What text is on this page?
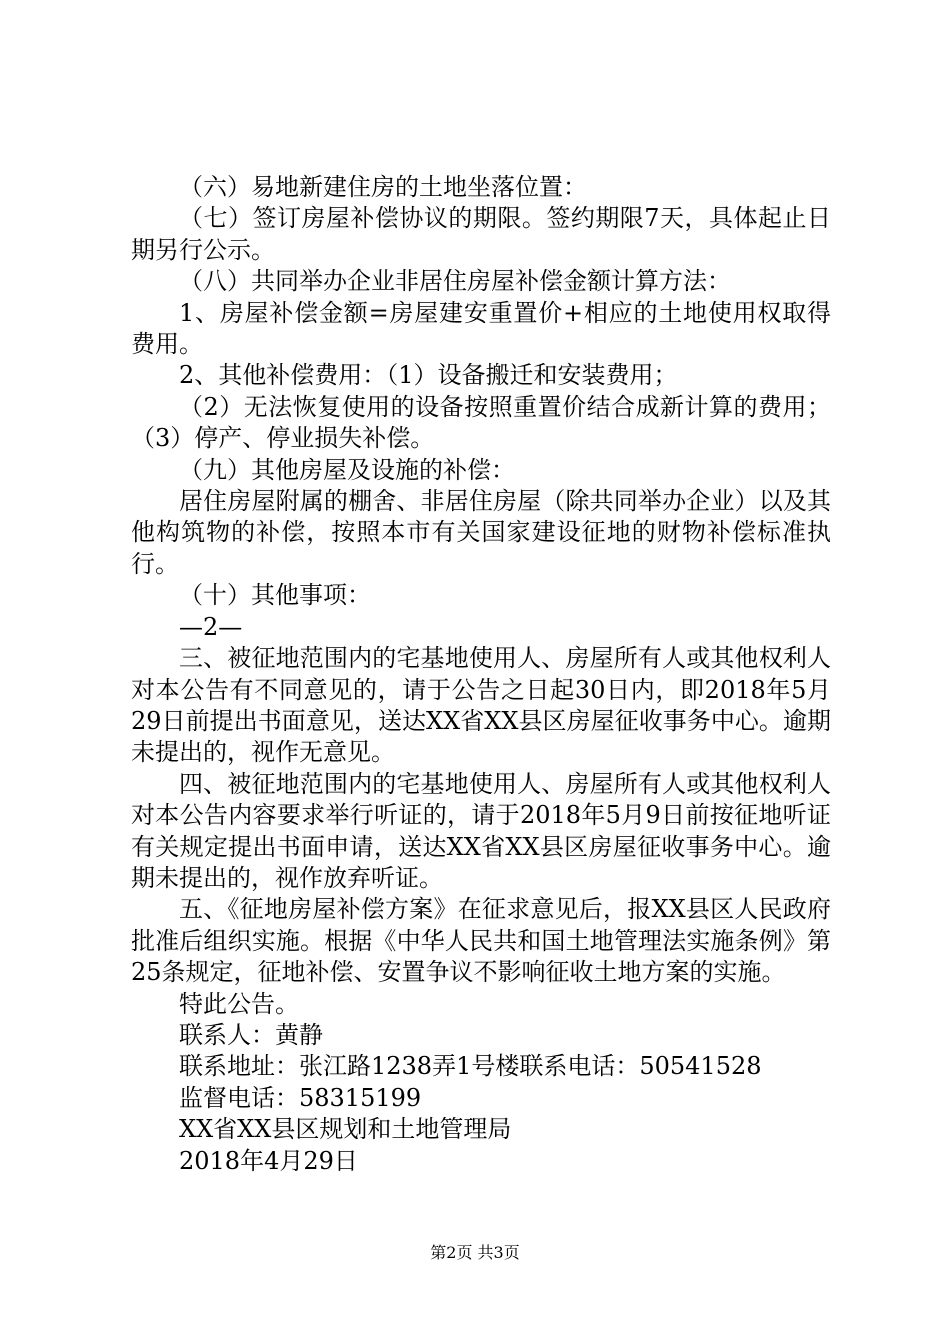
（六）易地新建住房的土地坐落位置：

（七）签订房屋补偿协议的期限。签约期限7天，具体起止日期另行公示。

（八）共同举办企业非居住房屋补偿金额计算方法：

1、房屋补偿金额=房屋建安重置价+相应的土地使用权取得费用。

2、其他补偿费用：（1）设备搬迁和安装费用；

（2）无法恢复使用的设备按照重置价结合成新计算的费用；（3）停产、停业损失补偿。

（九）其他房屋及设施的补偿：

居住房屋附属的棚舍、非居住房屋（除共同举办企业）以及其他构筑物的补偿，按照本市有关国家建设征地的财物补偿标准执行。

（十）其他事项：

—2—

三、被征地范围内的宅基地使用人、房屋所有人或其他权利人对本公告有不同意见的，请于公告之日起30日内，即2018年5月29日前提出书面意见，送达XX省XX县区房屋征收事务中心。逾期未提出的，视作无意见。

四、被征地范围内的宅基地使用人、房屋所有人或其他权利人对本公告内容要求举行听证的，请于2018年5月9日前按征地听证有关规定提出书面申请，送达XX省XX县区房屋征收事务中心。逾期未提出的，视作放弃听证。

五、《征地房屋补偿方案》在征求意见后，报XX县区人民政府批准后组织实施。根据《中华人民共和国土地管理法实施条例》第25条规定，征地补偿、安置争议不影响征收土地方案的实施。

特此公告。

联系人：黄静

联系地址：张江路1238弄1号楼联系电话：50541528

监督电话：58315199

XX省XX县区规划和土地管理局

2018年4月29日

第2页 共3页
